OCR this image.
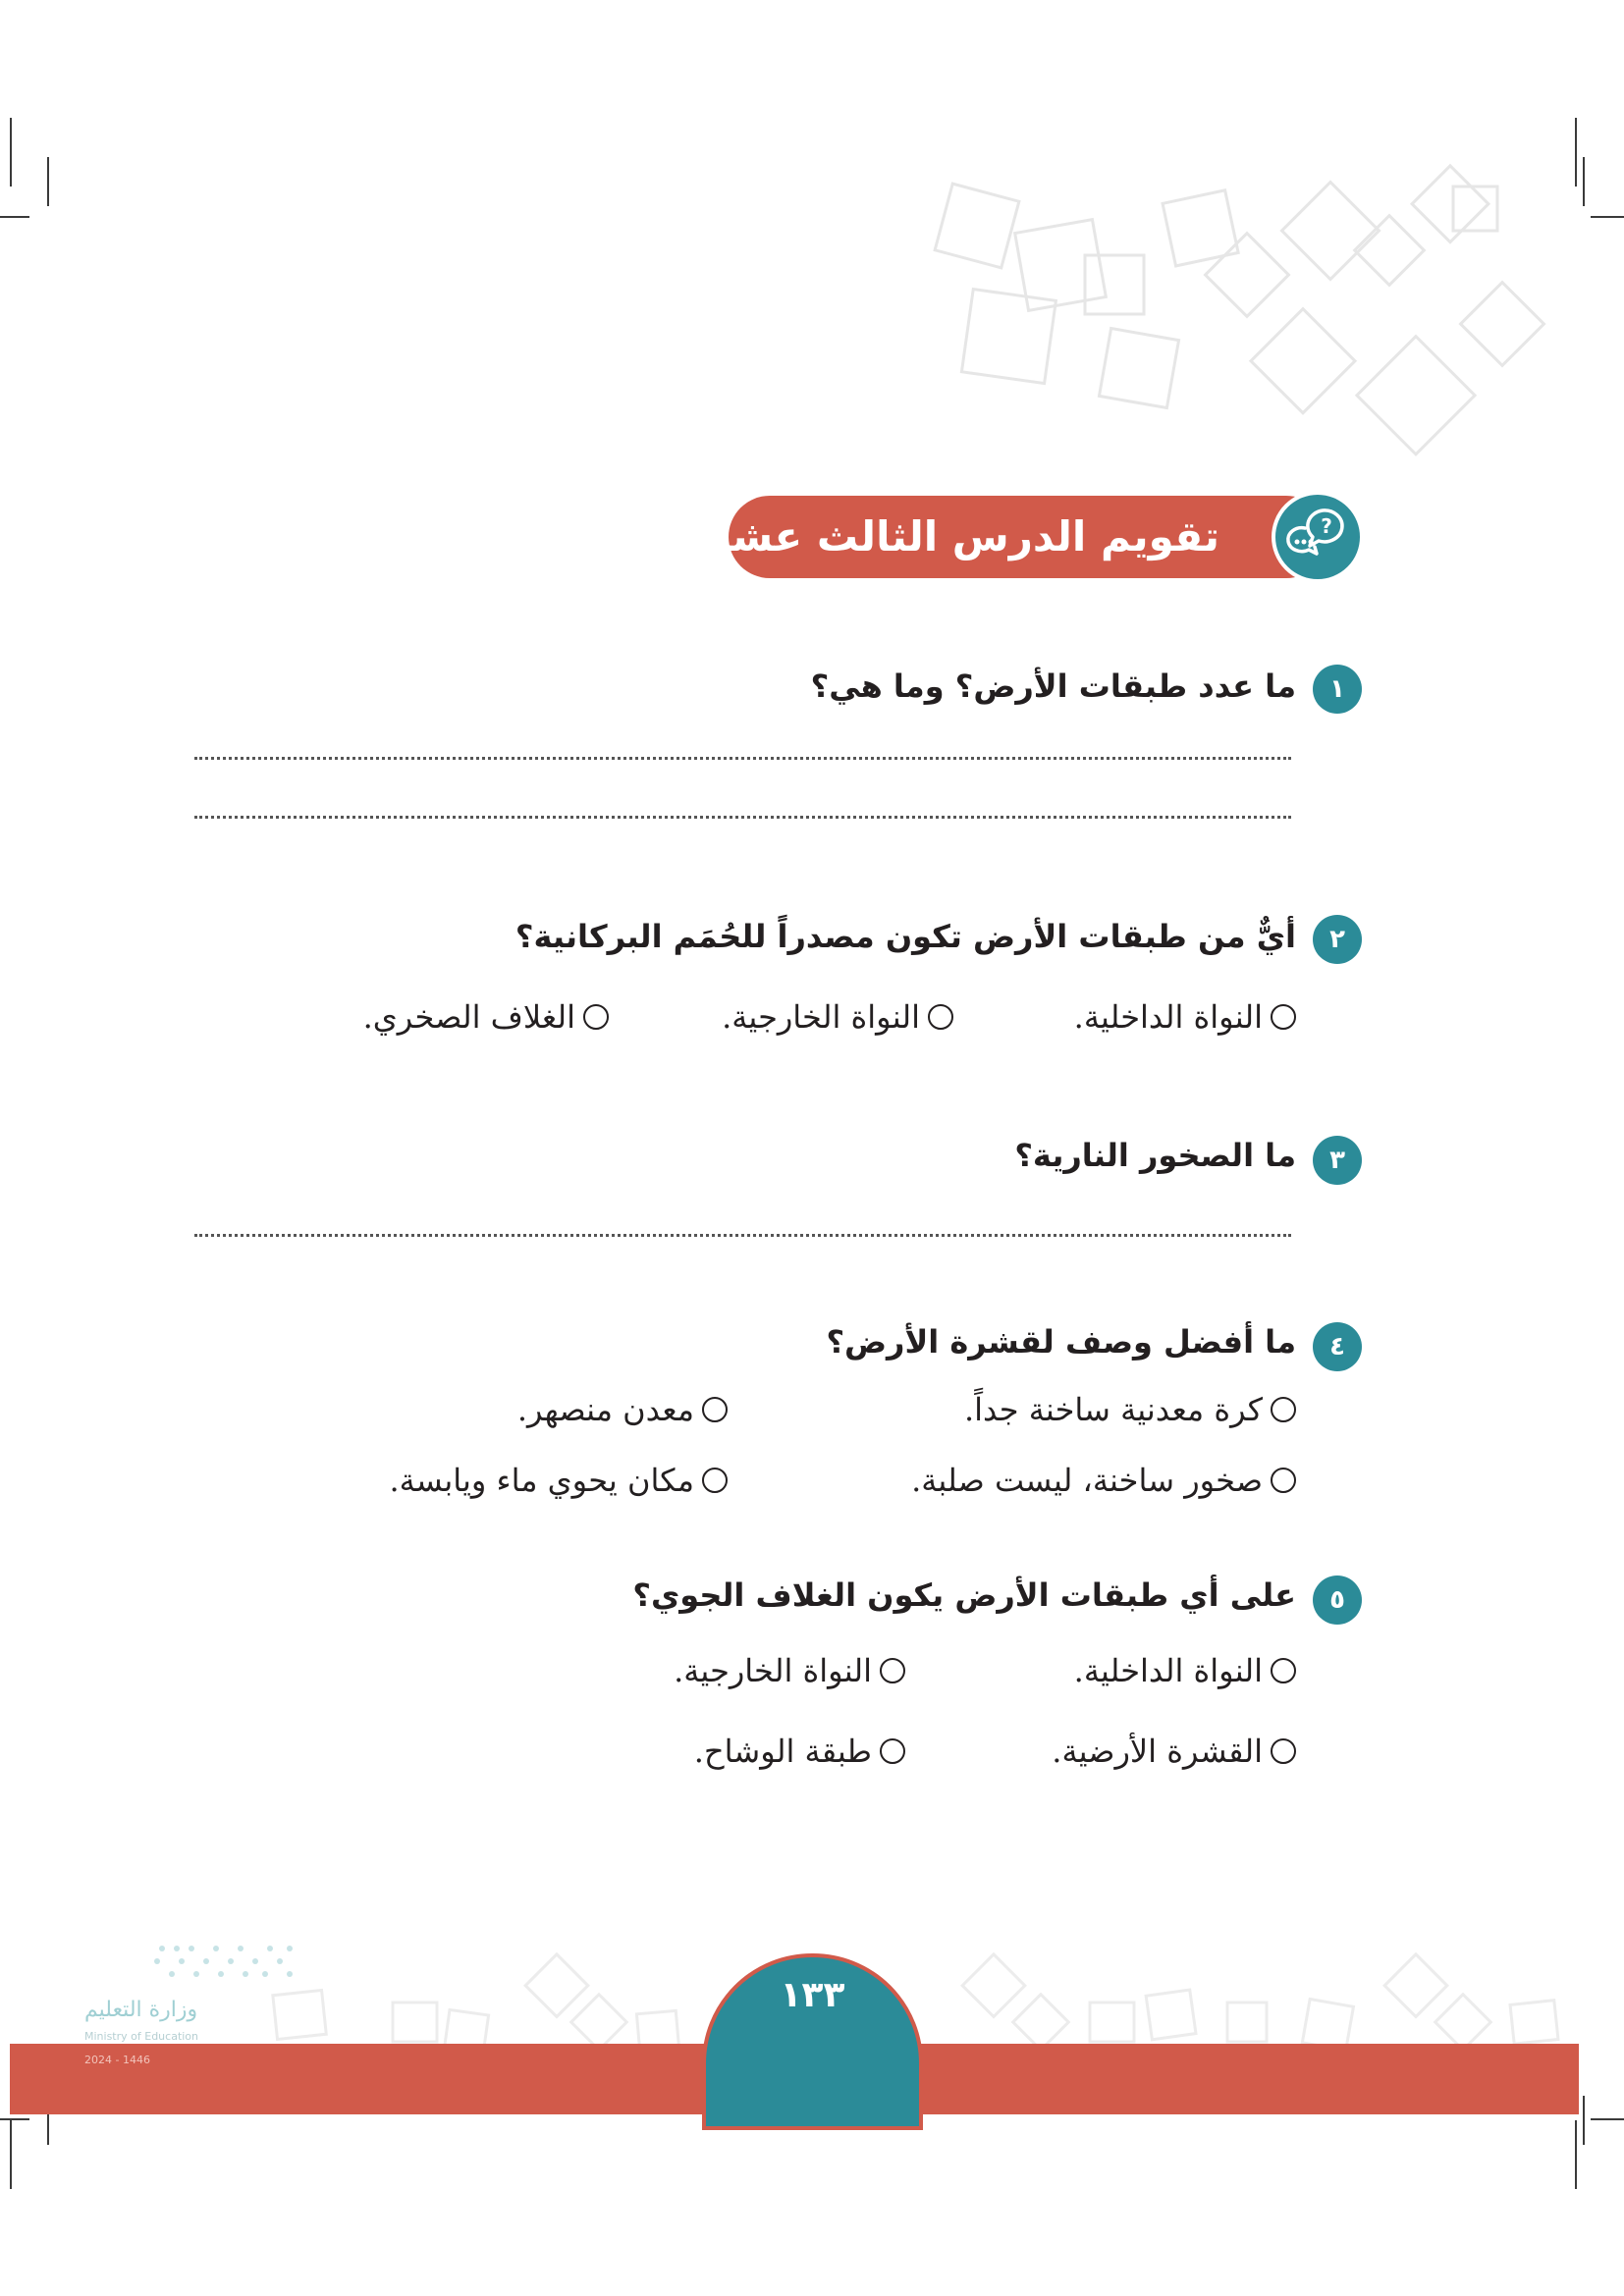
تقويم الدرس الثالث عشر	?
١
ما عدد طبقات الأرض؟ وما هي؟
٢
أيٌّ من طبقات الأرض تكون مصدراً للحُمَم البركانية؟
النواة الداخلية.
النواة الخارجية.
الغلاف الصخري.
٣
ما الصخور النارية؟
٤
ما أفضل وصف لقشرة الأرض؟
كرة معدنية ساخنة جداً.
معدن منصهر.
صخور ساخنة، ليست صلبة.
مكان يحوي ماء ويابسة.
٥
على أي طبقات الأرض يكون الغلاف الجوي؟
النواة الداخلية.
النواة الخارجية.
القشرة الأرضية.
طبقة الوشاح.
١٣٣
وزارة التعليم
Ministry of Education
2024 - 1446
